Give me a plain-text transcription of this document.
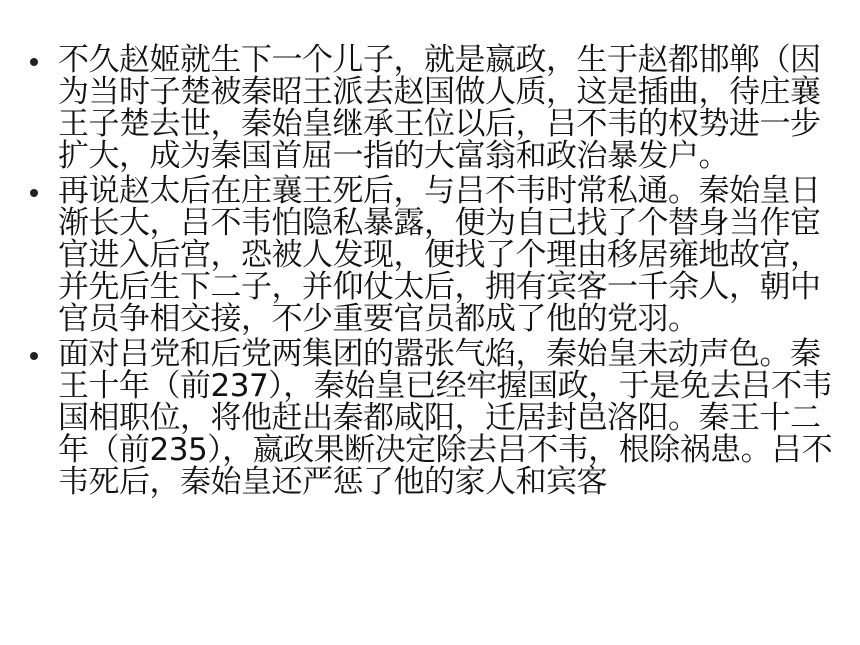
不久赵姬就生下一个儿子，就是嬴政，生于赵都邯郸（因为当时子楚被秦昭王派去赵国做人质，这是插曲，待庄襄王子楚去世，秦始皇继承王位以后，吕不韦的权势进一步扩大，成为秦国首屈一指的大富翁和政治暴发户。
再说赵太后在庄襄王死后，与吕不韦时常私通。秦始皇日渐长大，吕不韦怕隐私暴露，便为自己找了个替身当作宦官进入后宫，恐被人发现，便找了个理由移居雍地故宫，并先后生下二子，并仰仗太后，拥有宾客一千余人，朝中官员争相交接，不少重要官员都成了他的党羽。
面对吕党和后党两集团的嚣张气焰，秦始皇未动声色。秦王十年（前237），秦始皇已经牢握国政，于是免去吕不韦国相职位，将他赶出秦都咸阳，迁居封邑洛阳。秦王十二年（前235），嬴政果断决定除去吕不韦，根除祸患。吕不韦死后，秦始皇还严惩了他的家人和宾客
